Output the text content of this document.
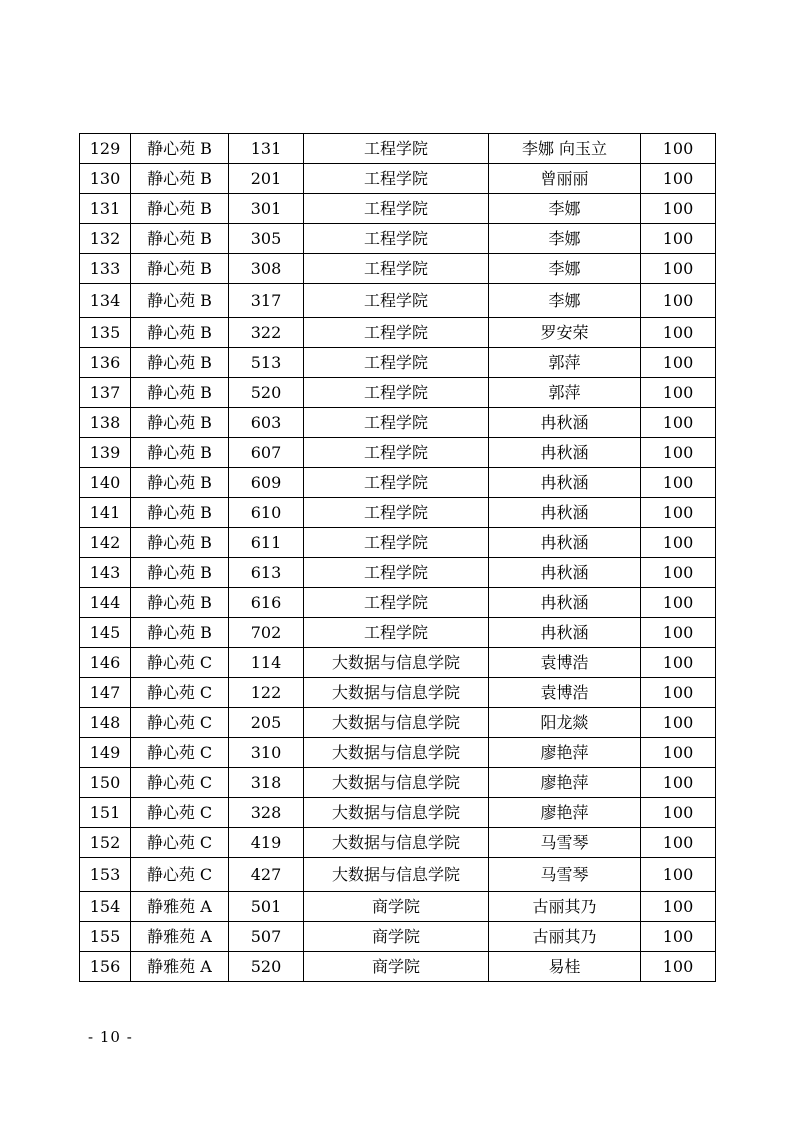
129	静心苑 B	131	工程学院	李娜 向玉立	100
130	静心苑 B	201	工程学院	曾丽丽	100
131	静心苑 B	301	工程学院	李娜	100
132	静心苑 B	305	工程学院	李娜	100
133	静心苑 B	308	工程学院	李娜	100
134	静心苑 B	317	工程学院	李娜	100
135	静心苑 B	322	工程学院	罗安荣	100
136	静心苑 B	513	工程学院	郭萍	100
137	静心苑 B	520	工程学院	郭萍	100
138	静心苑 B	603	工程学院	冉秋涵	100
139	静心苑 B	607	工程学院	冉秋涵	100
140	静心苑 B	609	工程学院	冉秋涵	100
141	静心苑 B	610	工程学院	冉秋涵	100
142	静心苑 B	611	工程学院	冉秋涵	100
143	静心苑 B	613	工程学院	冉秋涵	100
144	静心苑 B	616	工程学院	冉秋涵	100
145	静心苑 B	702	工程学院	冉秋涵	100
146	静心苑 C	114	大数据与信息学院	袁博浩	100
147	静心苑 C	122	大数据与信息学院	袁博浩	100
148	静心苑 C	205	大数据与信息学院	阳龙燚	100
149	静心苑 C	310	大数据与信息学院	廖艳萍	100
150	静心苑 C	318	大数据与信息学院	廖艳萍	100
151	静心苑 C	328	大数据与信息学院	廖艳萍	100
152	静心苑 C	419	大数据与信息学院	马雪琴	100
153	静心苑 C	427	大数据与信息学院	马雪琴	100
154	静雅苑 A	501	商学院	古丽其乃	100
155	静雅苑 A	507	商学院	古丽其乃	100
156	静雅苑 A	520	商学院	易桂	100
- 10 -
